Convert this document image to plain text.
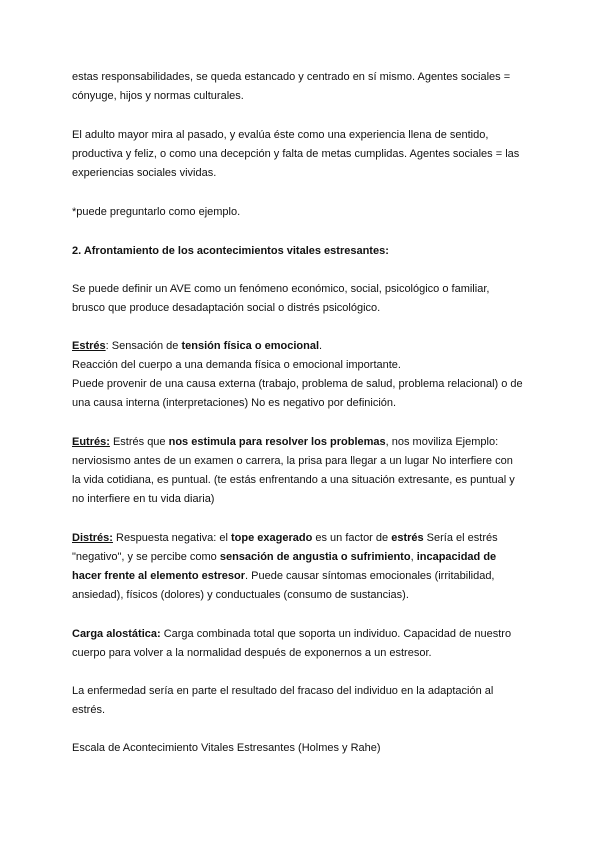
estas responsabilidades, se queda estancado y centrado en sí mismo. Agentes sociales =
cónyuge, hijos y normas culturales.

El adulto mayor mira al pasado, y evalúa éste como una experiencia llena de sentido,
productiva y feliz, o como una decepción y falta de metas cumplidas. Agentes sociales = las
experiencias sociales vividas.

*puede preguntarlo como ejemplo.

2. Afrontamiento de los acontecimientos vitales estresantes:

Se puede definir un AVE como un fenómeno económico, social, psicológico o familiar,
brusco que produce desadaptación social o distrés psicológico.

Estrés: Sensación de tensión física o emocional.
Reacción del cuerpo a una demanda física o emocional importante.
Puede provenir de una causa externa (trabajo, problema de salud, problema relacional) o de
una causa interna (interpretaciones) No es negativo por definición.

Eutrés: Estrés que nos estimula para resolver los problemas, nos moviliza Ejemplo:
nerviosismo antes de un examen o carrera, la prisa para llegar a un lugar No interfiere con
la vida cotidiana, es puntual. (te estás enfrentando a una situación extresante, es puntual y
no interfiere en tu vida diaria)

Distrés: Respuesta negativa: el tope exagerado es un factor de estrés Sería el estrés
"negativo", y se percibe como sensación de angustia o sufrimiento, incapacidad de
hacer frente al elemento estresor. Puede causar síntomas emocionales (irritabilidad,
ansiedad), físicos (dolores) y conductuales (consumo de sustancias).

Carga alostática: Carga combinada total que soporta un individuo. Capacidad de nuestro
cuerpo para volver a la normalidad después de exponernos a un estresor.

La enfermedad sería en parte el resultado del fracaso del individuo en la adaptación al
estrés.

Escala de Acontecimiento Vitales Estresantes (Holmes y Rahe)
